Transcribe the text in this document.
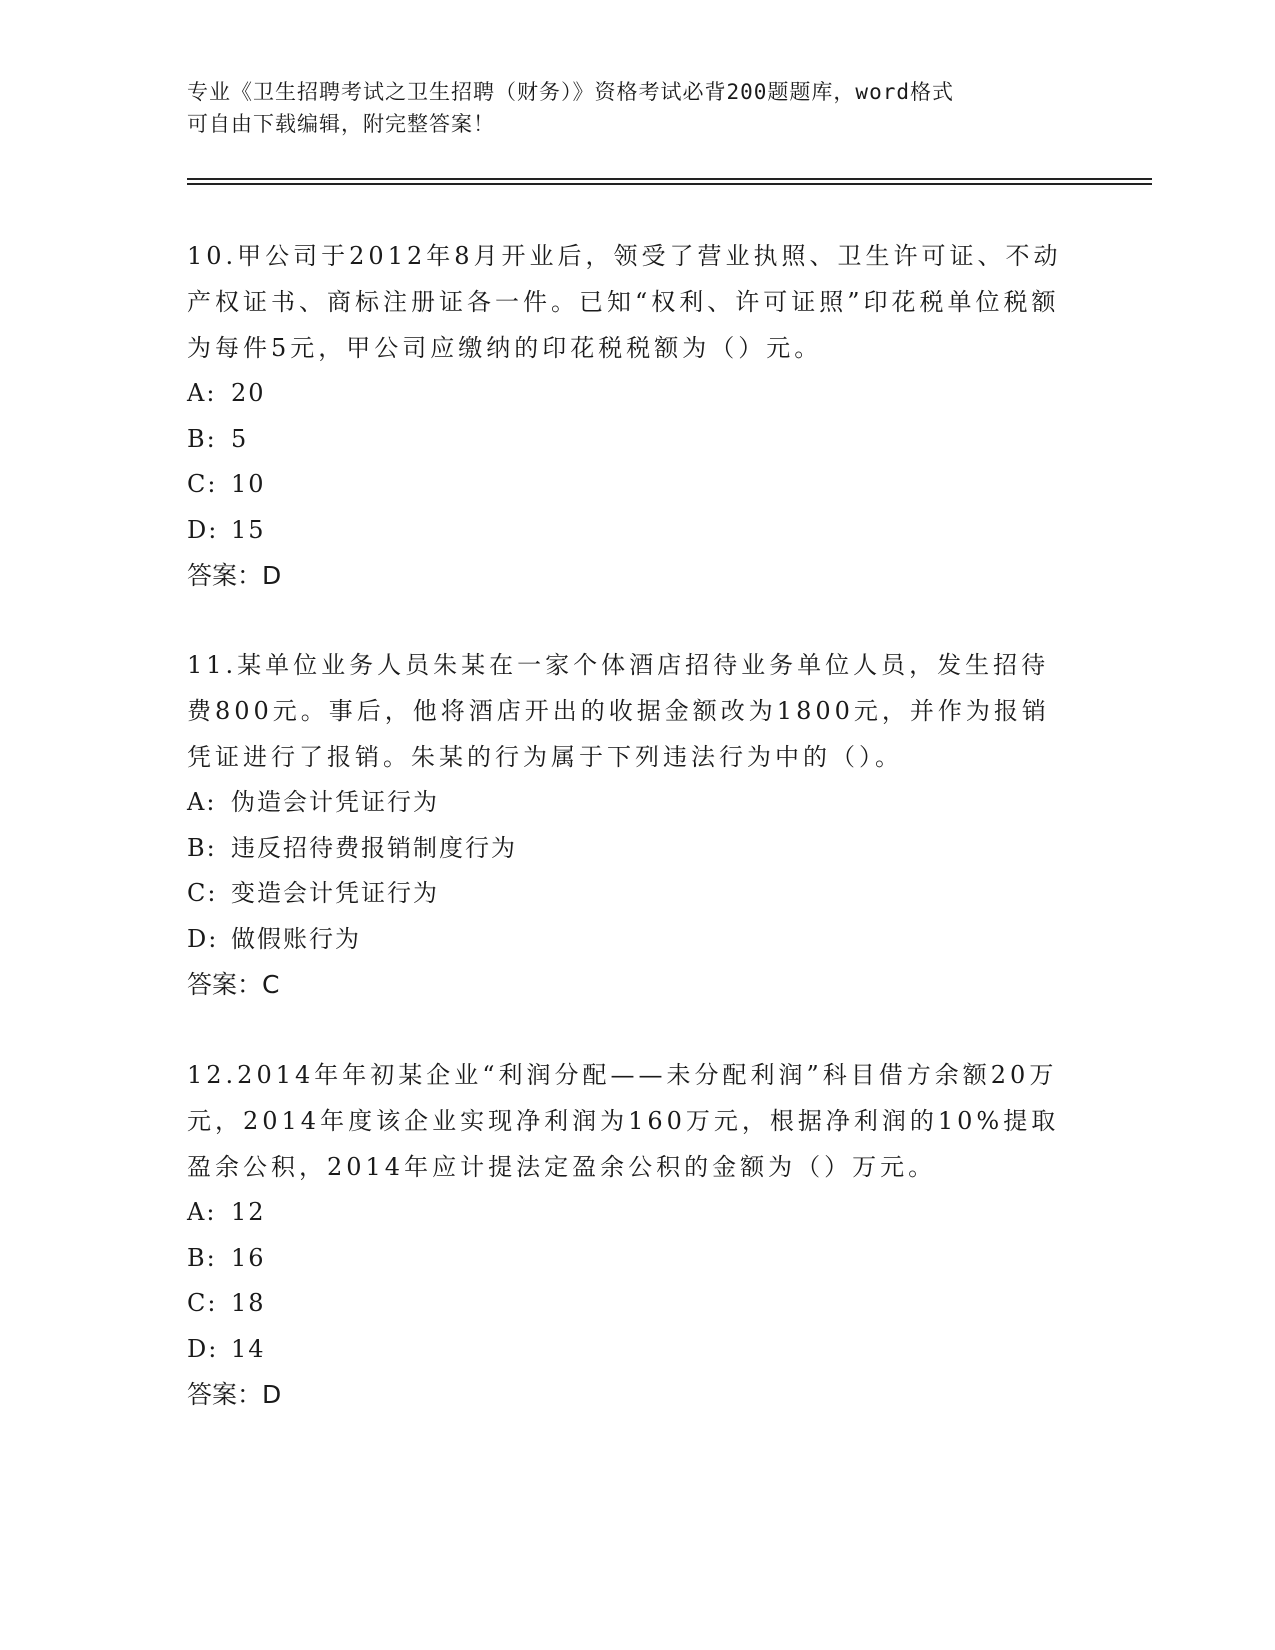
专业《卫生招聘考试之卫生招聘（财务）》资格考试必背200题题库，word格式
可自由下载编辑，附完整答案！

10.甲公司于2012年8月开业后，领受了营业执照、卫生许可证、不动产权证书、商标注册证各一件。已知“权利、许可证照”印花税单位税额为每件5元，甲公司应缴纳的印花税税额为（）元。

A: 20

B: 5

C: 10

D: 15

答案：D

11.某单位业务人员朱某在一家个体酒店招待业务单位人员，发生招待费800元。事后，他将酒店开出的收据金额改为1800元，并作为报销凭证进行了报销。朱某的行为属于下列违法行为中的（）。

A: 伪造会计凭证行为

B: 违反招待费报销制度行为

C: 变造会计凭证行为

D: 做假账行为

答案：C

12.2014年年初某企业“利润分配——未分配利润”科目借方余额20万元，2014年度该企业实现净利润为160万元，根据净利润的10%提取盈余公积，2014年应计提法定盈余公积的金额为（）万元。

A: 12

B: 16

C: 18

D: 14

答案：D
